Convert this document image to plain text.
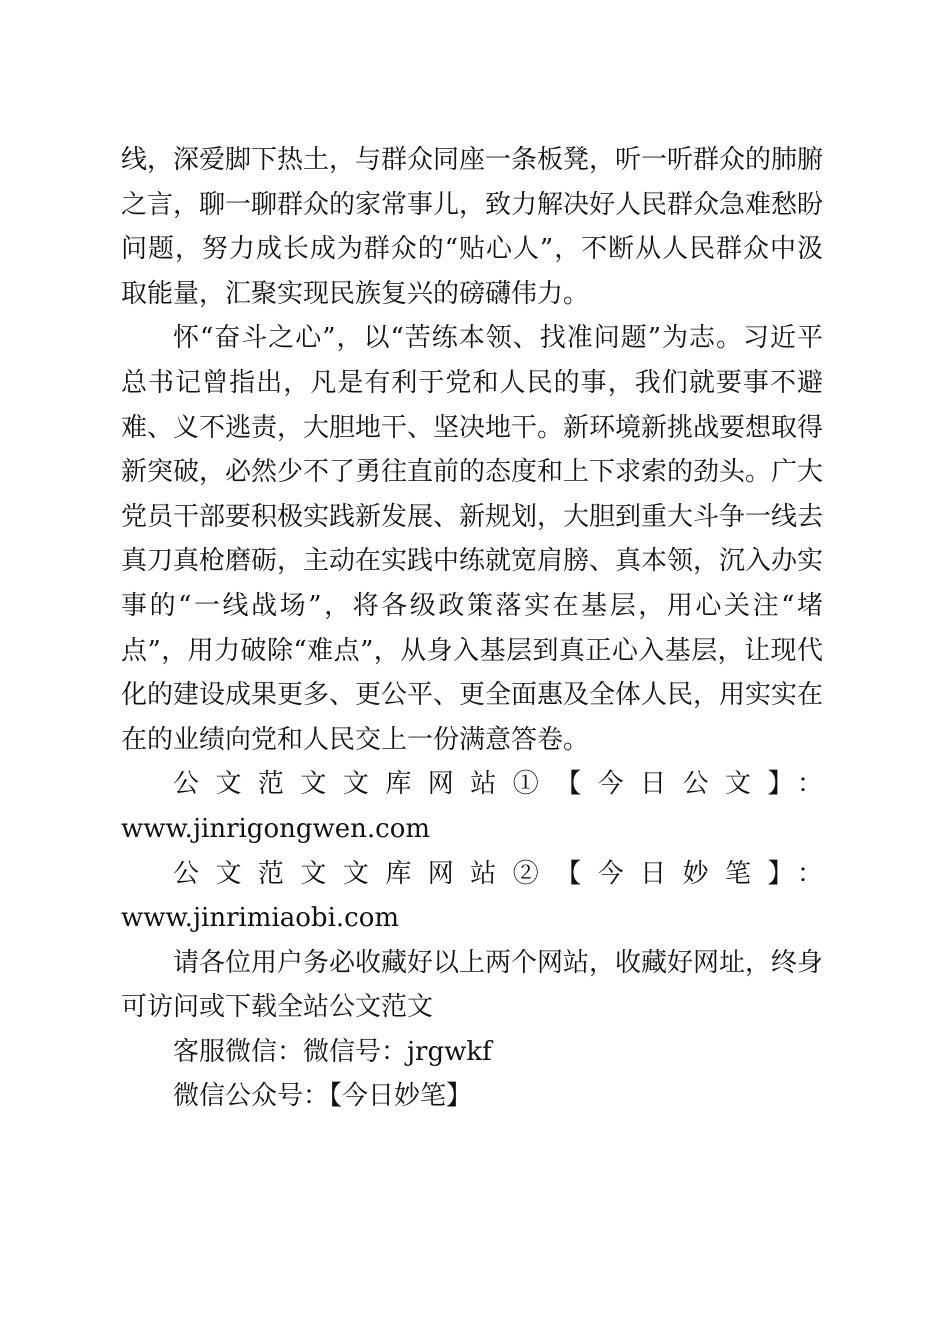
线，深爱脚下热土，与群众同座一条板凳，听一听群众的肺腑之言，聊一聊群众的家常事儿，致力解决好人民群众急难愁盼问题，努力成长成为群众的“贴心人”，不断从人民群众中汲取能量，汇聚实现民族复兴的磅礴伟力。

怀“奋斗之心”，以“苦练本领、找准问题”为志。习近平总书记曾指出，凡是有利于党和人民的事，我们就要事不避难、义不逃责，大胆地干、坚决地干。新环境新挑战要想取得新突破，必然少不了勇往直前的态度和上下求索的劲头。广大党员干部要积极实践新发展、新规划，大胆到重大斗争一线去真刀真枪磨砺，主动在实践中练就宽肩膀、真本领，沉入办实事的“一线战场”，将各级政策落实在基层，用心关注“堵点”，用力破除“难点”，从身入基层到真正心入基层，让现代化的建设成果更多、更公平、更全面惠及全体人民，用实实在在的业绩向党和人民交上一份满意答卷。

公文范文文库网站①【今日公文】：

www.jinrigongwen.com

公文范文文库网站②【今日妙笔】：www.jinrimiaobi.com

请各位用户务必收藏好以上两个网站，收藏好网址，终身可访问或下载全站公文范文

客服微信：微信号：jrgwkf

微信公众号：【今日妙笔】
